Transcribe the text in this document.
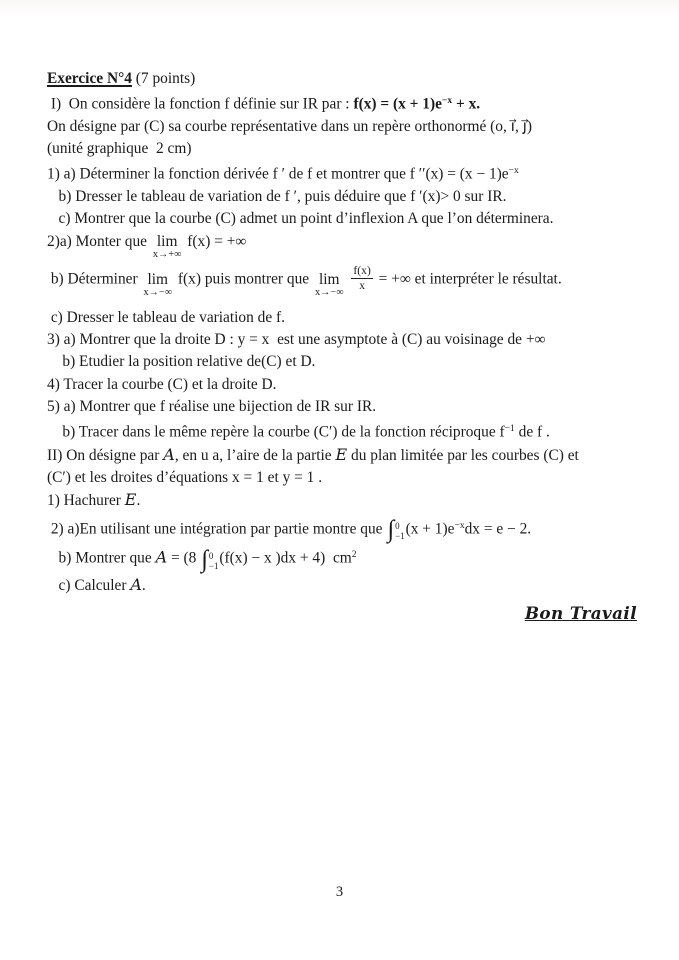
Exercice N°4 (7 points)
I)  On considère la fonction f définie sur IR par : $f(x) = (x + 1)e^{-x} + x$.
On désigne par (C) sa courbe représentative dans un repère orthonormé (o, ı⃗, ȷ⃗)
(unité graphique  2 cm)
1) a) Déterminer la fonction dérivée f ′ de f et montrer que f $''(x) = (x - 1)e^{-x}$
b) Dresser le tableau de variation de f ′, puis déduire que f ′(x)> 0 sur IR.
c) Montrer que la courbe (C) admet un point d’inflexion A que l’on déterminera.
2)a) Monter que lim
x→+∞
f(x) = +∞
b) Déterminer lim
x→−∞
f(x) puis montrer que lim
x→−∞

$\frac{f(x)}{x}$ = +∞ et interpréter le résultat.
c) Dresser le tableau de variation de f.
3) a) Montrer que la droite D : y = x  est une asymptote à (C) au voisinage de +∞
b) Etudier la position relative de(C) et D.
4) Tracer la courbe (C) et la droite D.
5) a) Montrer que f réalise une bijection de IR sur IR.
b) Tracer dans le même repère la courbe (C′) de la fonction réciproque $f^{-1}$ de f .
II) On désigne par A, en u a, l’aire de la partie E du plan limitée par les courbes (C) et
(C′) et les droites d’équations x = 1 et y = 1 .
1) Hachurer E.
2) a)En utilisant une intégration par partie montre que ∫ 0
−1 $(x + 1)e^{-x}dx = e - 2$.
b) Montrer que A = (8 ∫ 0
−1 (f(x) − x )dx + 4)  $cm^2$
c) Calculer A.
Bon Travail
3
